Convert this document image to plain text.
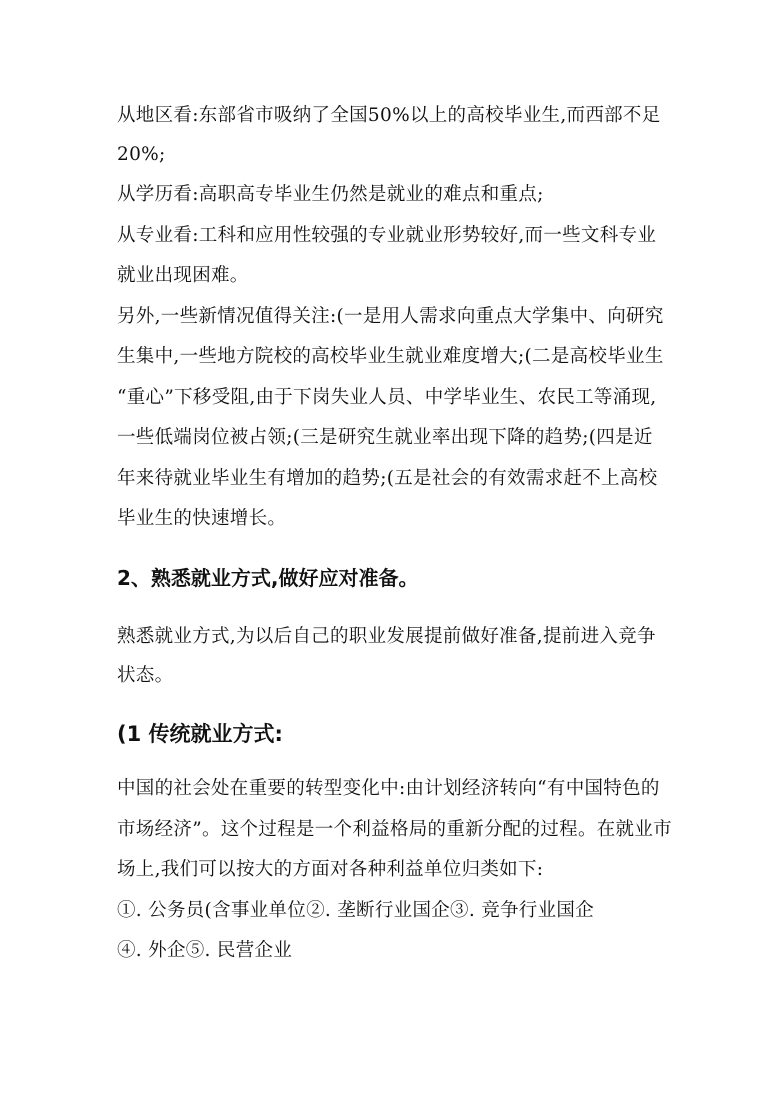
从地区看:东部省市吸纳了全国50%以上的高校毕业生,而西部不足
20%;
从学历看:高职高专毕业生仍然是就业的难点和重点;
从专业看:工科和应用性较强的专业就业形势较好,而一些文科专业
就业出现困难。
另外,一些新情况值得关注:(一是用人需求向重点大学集中、向研究
生集中,一些地方院校的高校毕业生就业难度增大;(二是高校毕业生
“重心”下移受阻,由于下岗失业人员、中学毕业生、农民工等涌现,
一些低端岗位被占领;(三是研究生就业率出现下降的趋势;(四是近
年来待就业毕业生有增加的趋势;(五是社会的有效需求赶不上高校
毕业生的快速增长。
2、熟悉就业方式,做好应对准备。
熟悉就业方式,为以后自己的职业发展提前做好准备,提前进入竞争
状态。
(1 传统就业方式:
中国的社会处在重要的转型变化中:由计划经济转向“有中国特色的
市场经济”。这个过程是一个利益格局的重新分配的过程。在就业市
场上,我们可以按大的方面对各种利益单位归类如下:
①. 公务员(含事业单位②. 垄断行业国企③. 竞争行业国企
④. 外企⑤. 民营企业
